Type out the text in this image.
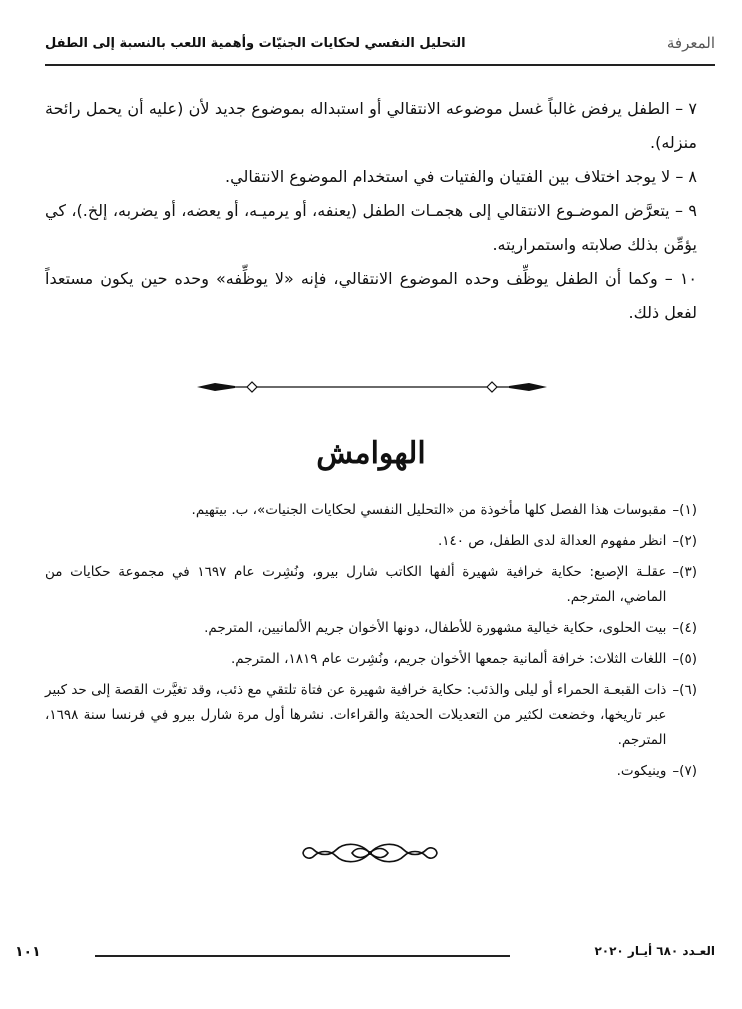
المعرفة
التحليل النفسي لحكايات الجنيّات وأهمية اللعب بالنسبة إلى الطفل

٧ – الطفل يرفض غالباً غسل موضوعه الانتقالي أو استبداله بموضوع جديد لأن (عليه أن يحمل رائحة منزله).

٨ – لا يوجد اختلاف بين الفتيان والفتيات في استخدام الموضوع الانتقالي.

٩ – يتعرَّض الموضـوع الانتقالي إلى هجمـات الطفل (يعنفه، أو يرميـه، أو يعضه، أو يضربه، إلخ.)، كي يؤمِّن بذلك صلابته واستمراريته.

١٠ – وكما أن الطفل يوظِّف وحده الموضوع الانتقالي، فإنه «لا يوظِّفه» وحده حين يكون مستعداً لفعل ذلك.

الهوامش
(١)–
مقبوسات هذا الفصل كلها مأخوذة من «التحليل النفسي لحكايات الجنيات»، ب. بيتهيم.
(٢)–
انظر مفهوم العدالة لدى الطفل، ص ١٤٠.
(٣)–
عقلـة الإصبع: حكاية خرافية شهيرة ألفها الكاتب شارل بيرو، ونُشِرت عام ١٦٩٧ في مجموعة حكايات من الماضي، المترجم.
(٤)–
بيت الحلوى، حكاية خيالية مشهورة للأطفال، دونها الأخوان جريم الألمانيين، المترجم.
(٥)–
اللغات الثلاث: خرافة ألمانية جمعها الأخوان جريم، ونُشِرت عام ١٨١٩، المترجم.
(٦)–
ذات القبعـة الحمراء أو ليلى والذئب: حكاية خرافية شهيرة عن فتاة تلتقي مع ذئب، وقد تغيَّرت القصة إلى حد كبير عبر تاريخها، وخضعت لكثير من التعديلات الحديثة والقراءات. نشرها أول مرة شارل بيرو في فرنسا سنة ١٦٩٨، المترجم.
(٧)–
وينيكوت.
١٠١	العـدد ٦٨٠ أيـار ٢٠٢٠
